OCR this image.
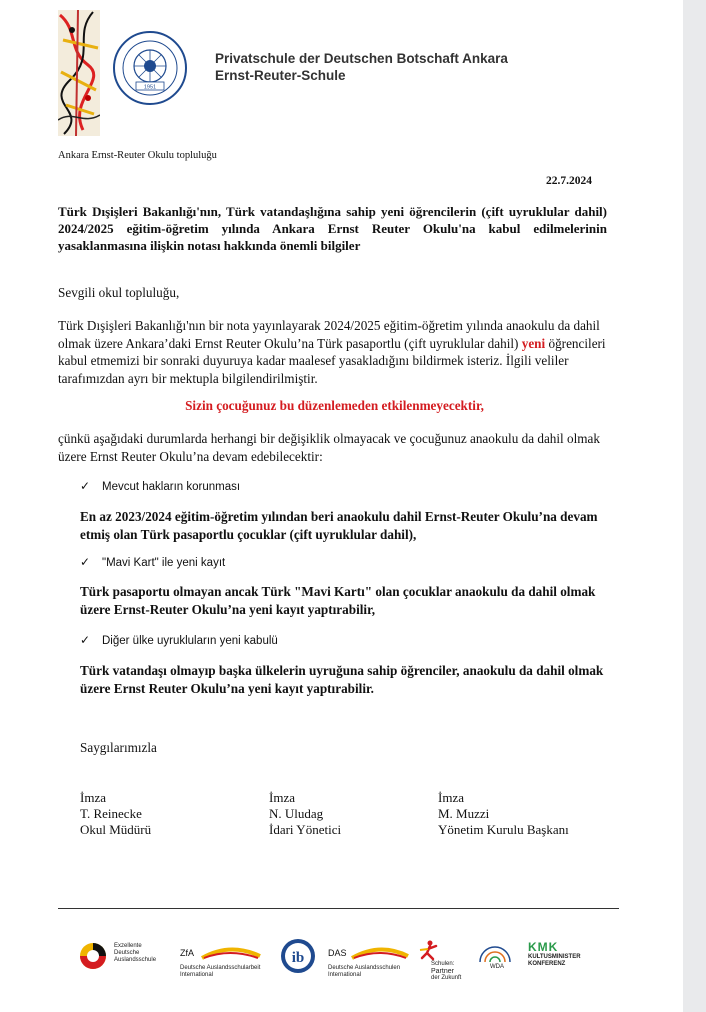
1951
Privatschule der Deutschen Botschaft Ankara
Ernst-Reuter-Schule
Ankara Ernst-Reuter Okulu topluluğu
22.7.2024

Türk Dışişleri Bakanlığı'nın, Türk vatandaşlığına sahip yeni öğrencilerin (çift uyruklular dahil) 2024/2025 eğitim-öğretim yılında Ankara Ernst Reuter Okulu'na kabul edilmelerinin yasaklanmasına ilişkin notası hakkında önemli bilgiler

Sevgili okul topluluğu,

Türk Dışişleri Bakanlığı'nın bir nota yayınlayarak 2024/2025 eğitim-öğretim yılında anaokulu da dahil olmak üzere Ankara’daki Ernst Reuter Okulu’na Türk pasaportlu (çift uyruklular dahil) yeni öğrencileri kabul etmemizi bir sonraki duyuruya kadar maalesef yasakladığını bildirmek isteriz. İlgili veliler tarafımızdan ayrı bir mektupla bilgilendirilmiştir.

Sizin çocuğunuz bu düzenlemeden etkilenmeyecektir,

çünkü aşağıdaki durumlarda herhangi bir değişiklik olmayacak ve çocuğunuz anaokulu da dahil olmak üzere Ernst Reuter Okulu’na devam edebilecektir:

✓ Mevcut hakların korunması

En az 2023/2024 eğitim-öğretim yılından beri anaokulu dahil Ernst-Reuter Okulu’na devam etmiş olan Türk pasaportlu çocuklar (çift uyruklular dahil),

✓ "Mavi Kart" ile yeni kayıt

Türk pasaportu olmayan ancak Türk "Mavi Kartı" olan çocuklar anaokulu da dahil olmak üzere Ernst-Reuter Okulu’na yeni kayıt yaptırabilir,

✓ Diğer ülke uyrukluların yeni kabulü

Türk vatandaşı olmayıp başka ülkelerin uyruğuna sahip öğrenciler, anaokulu da dahil olmak üzere Ernst Reuter Okulu’na yeni kayıt yaptırabilir.

Saygılarımızla

İmza
T. Reinecke
Okul Müdürü
İmza
N. Uludag
İdari Yönetici
İmza
M. Muzzi
Yönetim Kurulu Başkanı
Exzellente
Deutsche
Auslandsschule
ZfA
Deutsche Auslandsschularbeit
International
ib	DAS
Deutsche Auslandsschulen
International
Schulen:
Partner
der Zukunft
WDA
KMK
KULTUSMINISTER
KONFERENZ
